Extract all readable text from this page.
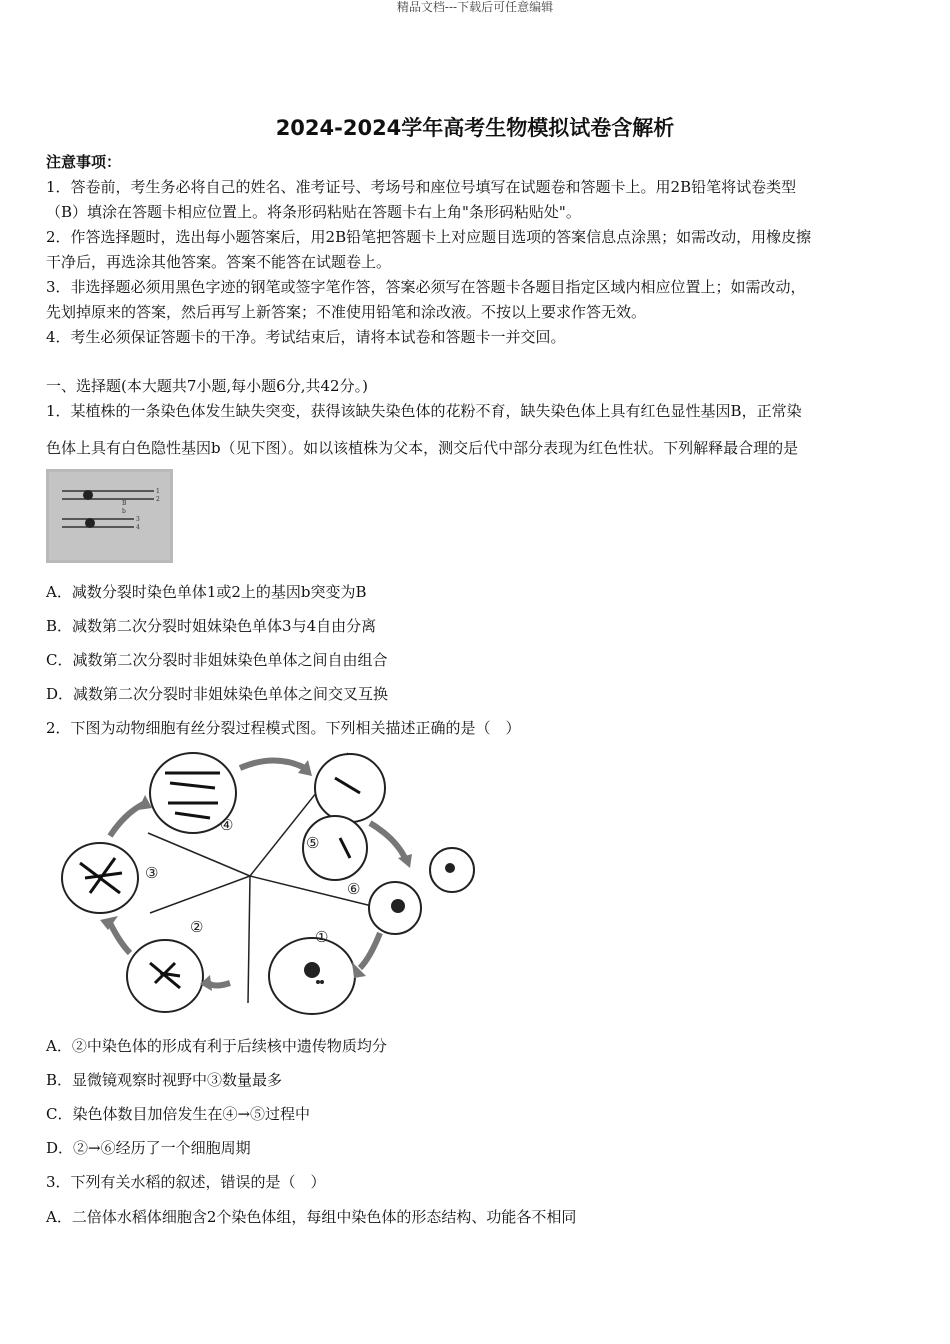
精品文档---下载后可任意编辑
2024-2024学年高考生物模拟试卷含解析
注意事项：
1．答卷前，考生务必将自己的姓名、准考证号、考场号和座位号填写在试题卷和答题卡上。用2B铅笔将试卷类型
（B）填涂在答题卡相应位置上。将条形码粘贴在答题卡右上角"条形码粘贴处"。
2．作答选择题时，选出每小题答案后，用2B铅笔把答题卡上对应题目选项的答案信息点涂黑；如需改动，用橡皮擦
干净后，再选涂其他答案。答案不能答在试题卷上。
3．非选择题必须用黑色字迹的钢笔或签字笔作答，答案必须写在答题卡各题目指定区域内相应位置上；如需改动，
先划掉原来的答案，然后再写上新答案；不准使用铅笔和涂改液。不按以上要求作答无效。
4．考生必须保证答题卡的干净。考试结束后，请将本试卷和答题卡一并交回。
一、选择题(本大题共7小题,每小题6分,共42分。)
1．某植株的一条染色体发生缺失突变，获得该缺失染色体的花粉不育，缺失染色体上具有红色显性基因B，正常染
色体上具有白色隐性基因b（见下图）。如以该植株为父本，测交后代中部分表现为红色性状。下列解释最合理的是
1
2
B
b
3
4
A．减数分裂时染色单体1或2上的基因b突变为B
B．减数第二次分裂时姐妹染色单体3与4自由分离
C．减数第二次分裂时非姐妹染色单体之间自由组合
D．减数第二次分裂时非姐妹染色单体之间交叉互换
2．下图为动物细胞有丝分裂过程模式图。下列相关描述正确的是（　）
④
⑤
⑥
③
②
①
A．②中染色体的形成有利于后续核中遗传物质均分
B．显微镜观察时视野中③数量最多
C．染色体数目加倍发生在④→⑤过程中
D．②→⑥经历了一个细胞周期
3．下列有关水稻的叙述，错误的是（　）
A．二倍体水稻体细胞含2个染色体组，每组中染色体的形态结构、功能各不相同
